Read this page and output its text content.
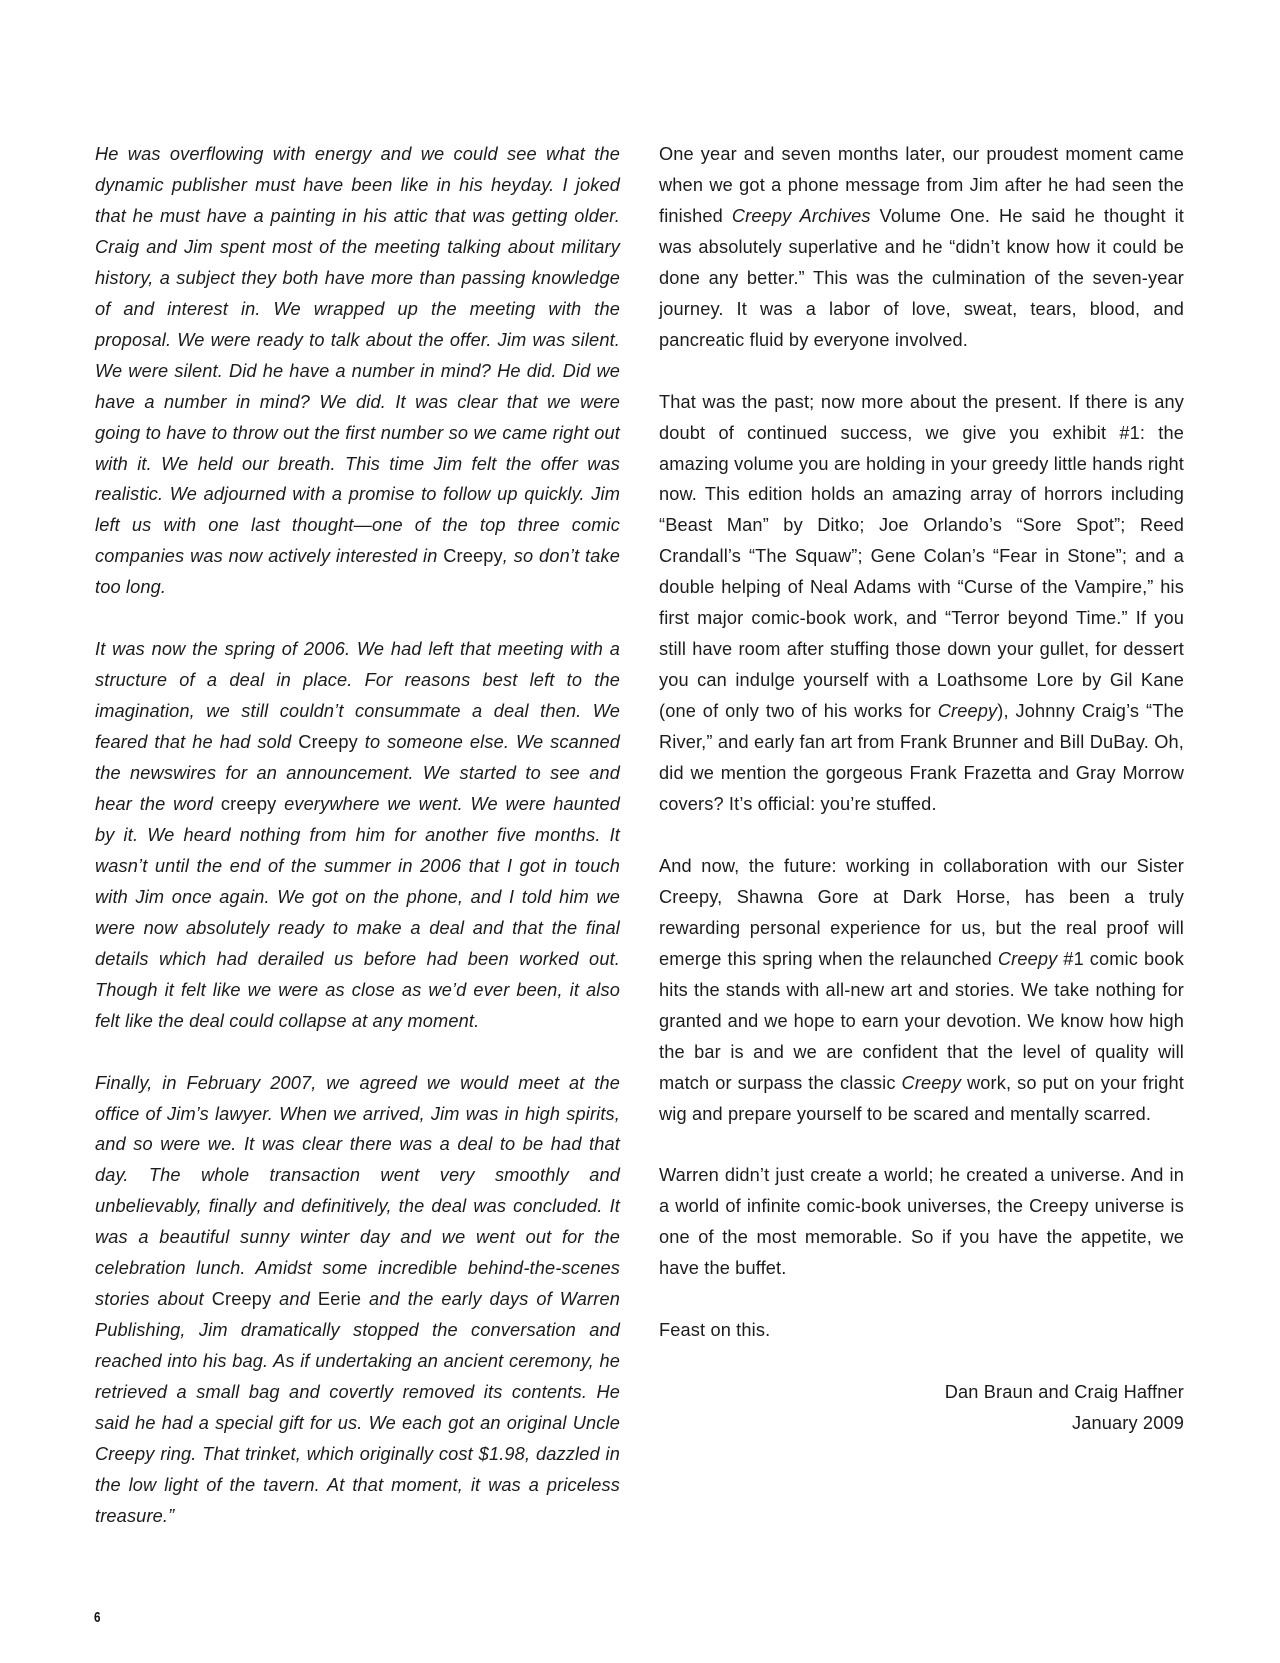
He was overflowing with energy and we could see what the dynamic publisher must have been like in his heyday. I joked that he must have a painting in his attic that was getting older. Craig and Jim spent most of the meeting talking about military history, a subject they both have more than passing knowledge of and interest in. We wrapped up the meeting with the proposal. We were ready to talk about the offer. Jim was silent. We were silent. Did he have a number in mind? He did. Did we have a number in mind? We did. It was clear that we were going to have to throw out the first number so we came right out with it. We held our breath. This time Jim felt the offer was realistic. We adjourned with a promise to follow up quickly. Jim left us with one last thought—one of the top three comic companies was now actively interested in Creepy, so don’t take too long.

It was now the spring of 2006. We had left that meeting with a structure of a deal in place. For reasons best left to the imagination, we still couldn’t consummate a deal then. We feared that he had sold Creepy to someone else. We scanned the newswires for an announcement. We started to see and hear the word creepy everywhere we went. We were haunted by it. We heard nothing from him for another five months. It wasn’t until the end of the summer in 2006 that I got in touch with Jim once again. We got on the phone, and I told him we were now absolutely ready to make a deal and that the final details which had derailed us before had been worked out. Though it felt like we were as close as we’d ever been, it also felt like the deal could collapse at any moment.

Finally, in February 2007, we agreed we would meet at the office of Jim’s lawyer. When we arrived, Jim was in high spirits, and so were we. It was clear there was a deal to be had that day. The whole transaction went very smoothly and unbelievably, finally and definitively, the deal was concluded. It was a beautiful sunny winter day and we went out for the celebration lunch. Amidst some incredible behind-the-scenes stories about Creepy and Eerie and the early days of Warren Publishing, Jim dramatically stopped the conversation and reached into his bag. As if undertaking an ancient ceremony, he retrieved a small bag and covertly removed its contents. He said he had a special gift for us. We each got an original Uncle Creepy ring. That trinket, which originally cost $1.98, dazzled in the low light of the tavern. At that moment, it was a priceless treasure.”

One year and seven months later, our proudest moment came when we got a phone message from Jim after he had seen the finished Creepy Archives Volume One. He said he thought it was absolutely superlative and he “didn’t know how it could be done any better.” This was the culmination of the seven-year journey. It was a labor of love, sweat, tears, blood, and pancreatic fluid by everyone involved.

That was the past; now more about the present. If there is any doubt of continued success, we give you exhibit #1: the amazing volume you are holding in your greedy little hands right now. This edition holds an amazing array of horrors including “Beast Man” by Ditko; Joe Orlando’s “Sore Spot”; Reed Crandall’s “The Squaw”; Gene Colan’s “Fear in Stone”; and a double helping of Neal Adams with “Curse of the Vampire,” his first major comic-book work, and “Terror beyond Time.” If you still have room after stuffing those down your gullet, for dessert you can indulge yourself with a Loathsome Lore by Gil Kane (one of only two of his works for Creepy), Johnny Craig’s “The River,” and early fan art from Frank Brunner and Bill DuBay. Oh, did we mention the gorgeous Frank Frazetta and Gray Morrow covers? It’s official: you’re stuffed.

And now, the future: working in collaboration with our Sister Creepy, Shawna Gore at Dark Horse, has been a truly rewarding personal experience for us, but the real proof will emerge this spring when the relaunched Creepy #1 comic book hits the stands with all-new art and stories. We take nothing for granted and we hope to earn your devotion. We know how high the bar is and we are confident that the level of quality will match or surpass the classic Creepy work, so put on your fright wig and prepare yourself to be scared and mentally scarred.

Warren didn’t just create a world; he created a universe. And in a world of infinite comic-book universes, the Creepy universe is one of the most memorable. So if you have the appetite, we have the buffet.

Feast on this.

Dan Braun and Craig Haffner
January 2009
6
